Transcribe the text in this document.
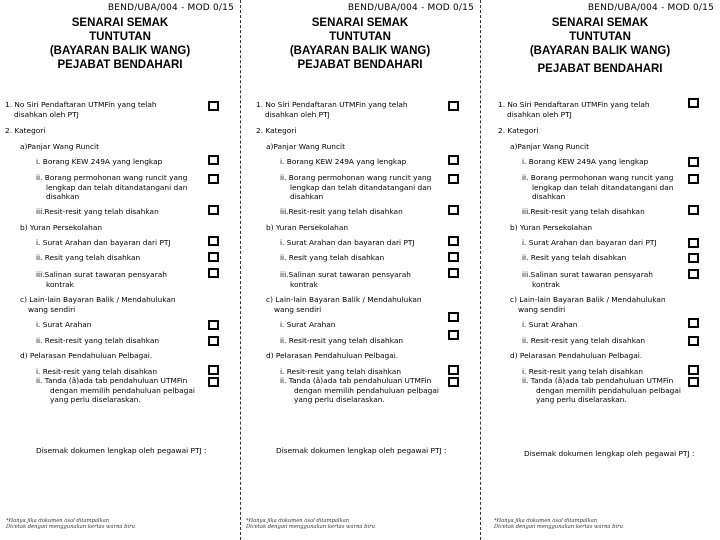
BEND/UBA/004 - MOD 0/15
SENARAI SEMAK
TUNTUTAN
(BAYARAN BALIK WANG)
PEJABAT BENDAHARI
1. No Siri Pendaftaran UTMFin yang telah
disahkan oleh PTJ
2. Kategori
a)Panjar Wang Runcit
i. Borang KEW 249A yang lengkap
ii. Borang permohonan wang runcit yang
lengkap dan telah ditandatangani dan
disahkan
iii.Resit-resit yang telah disahkan
b) Yuran Persekolahan
i. Surat Arahan dan bayaran dari PTJ
ii. Resit yang telah disahkan
iii.Salinan surat tawaran pensyarah
kontrak
c) Lain-lain Bayaran Balik / Mendahulukan
wang sendiri
i. Surat Arahan
ii. Resit-resit yang telah disahkan
d) Pelarasan Pendahuluan Pelbagai.
i. Resit-resit yang telah disahkan
ii. Tanda (â)ada tab pendahuluan UTMFin
dengan memilih pendahuluan pelbagai
yang perlu diselaraskan.
Disemak dokumen lengkap oleh pegawai PTJ :
*Hanya jika dokumen asal ditampalkan
Dicetak dengan menggunakan kertas warna biru
BEND/UBA/004 - MOD 0/15
SENARAI SEMAK
TUNTUTAN
(BAYARAN BALIK WANG)
PEJABAT BENDAHARI
1. No Siri Pendaftaran UTMFin yang telah
disahkan oleh PTJ
2. Kategori
a)Panjar Wang Runcit
i. Borang KEW 249A yang lengkap
ii. Borang permohonan wang runcit yang
lengkap dan telah ditandatangani dan
disahkan
iii.Resit-resit yang telah disahkan
b) Yuran Persekolahan
i. Surat Arahan dan bayaran dari PTJ
ii. Resit yang telah disahkan
iii.Salinan surat tawaran pensyarah
kontrak
c) Lain-lain Bayaran Balik / Mendahulukan
wang sendiri
i. Surat Arahan
ii. Resit-resit yang telah disahkan
d) Pelarasan Pendahuluan Pelbagai.
i. Resit-resit yang telah disahkan
ii. Tanda (â)ada tab pendahuluan UTMFin
dengan memilih pendahuluan pelbagai
yang perlu diselaraskan.
Disemak dokumen lengkap oleh pegawai PTJ :
*Hanya jika dokumen asal ditampalkan
Dicetak dengan menggunakan kertas warna biru
BEND/UBA/004 - MOD 0/15
SENARAI SEMAK
TUNTUTAN
(BAYARAN BALIK WANG)
PEJABAT BENDAHARI
1. No Siri Pendaftaran UTMFin yang telah
disahkan oleh PTJ
2. Kategori
a)Panjar Wang Runcit
i. Borang KEW 249A yang lengkap
ii. Borang permohonan wang runcit yang
lengkap dan telah ditandatangani dan
disahkan
iii.Resit-resit yang telah disahkan
b) Yuran Persekolahan
i. Surat Arahan dan bayaran dari PTJ
ii. Resit yang telah disahkan
iii.Salinan surat tawaran pensyarah
kontrak
c) Lain-lain Bayaran Balik / Mendahulukan
wang sendiri
i. Surat Arahan
ii. Resit-resit yang telah disahkan
d) Pelarasan Pendahuluan Pelbagai.
i. Resit-resit yang telah disahkan
ii. Tanda (â)ada tab pendahuluan UTMFin
dengan memilih pendahuluan pelbagai
yang perlu diselaraskan.
Disemak dokumen lengkap oleh pegawai PTJ :
*Hanya jika dokumen asal ditampalkan
Dicetak dengan menggunakan kertas warna biru
